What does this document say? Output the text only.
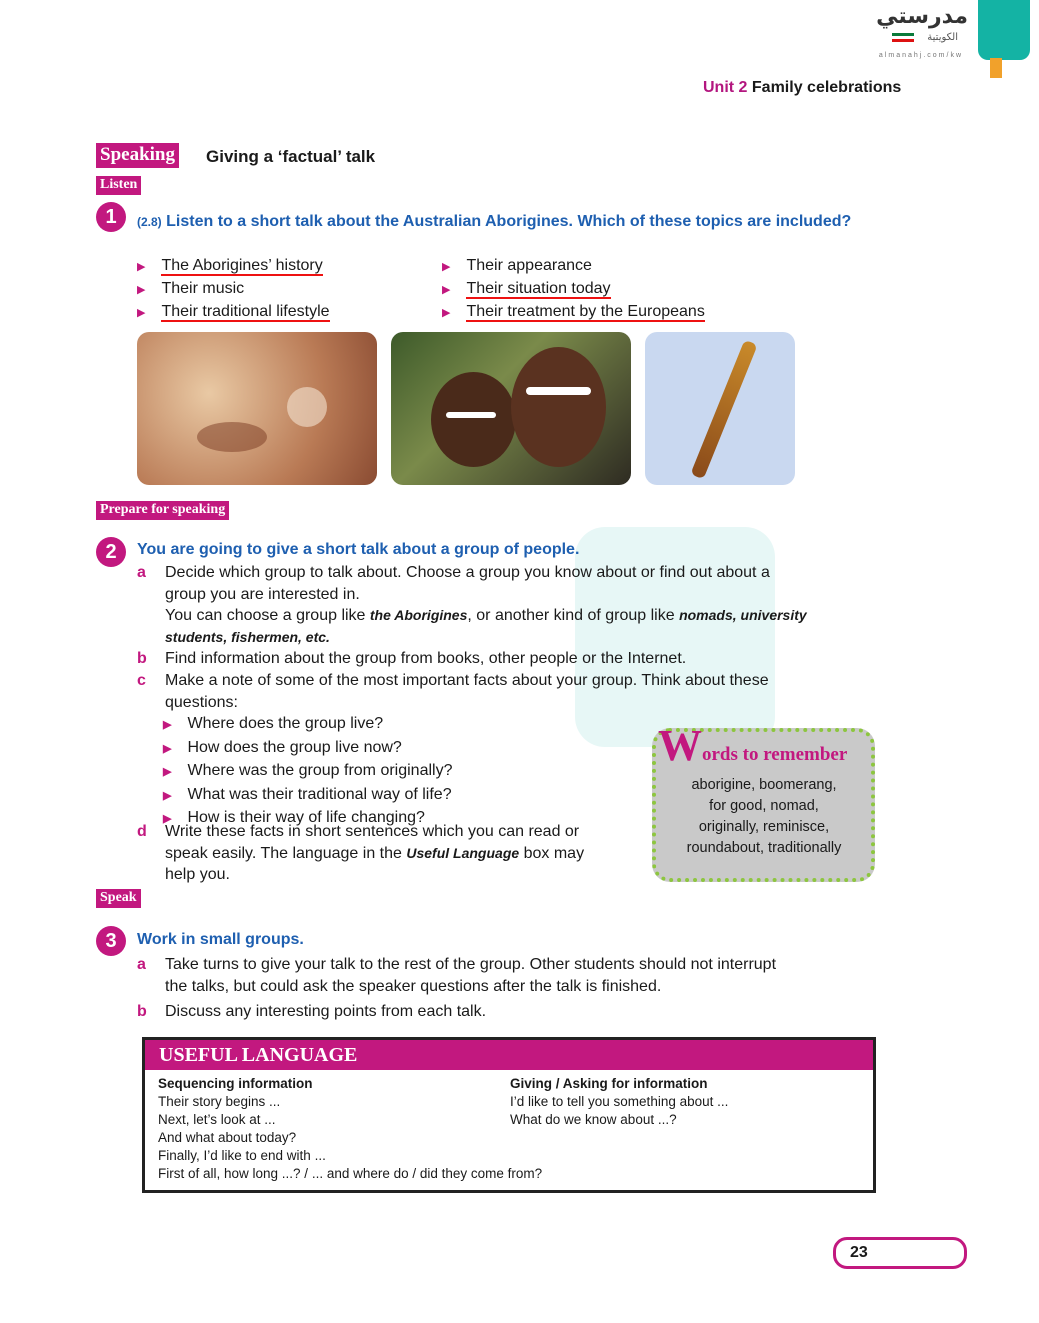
مدرستي
الكويتية
almanahj.com/kw
Unit 2 Family celebrations
Speaking Giving a ‘factual’ talk
Listen
1	(2.8) Listen to a short talk about the Australian Aborigines. Which of these topics are included?
▶ The Aborigines’ history
▶ Their music
▶ Their traditional lifestyle
▶ Their appearance
▶ Their situation today
▶ Their treatment by the Europeans
Prepare for speaking
2	You are going to give a short talk about a group of people.
a Decide which group to talk about. Choose a group you know about or find out about a
group you are interested in.
You can choose a group like the Aborigines, or another kind of group like nomads, university
students, fishermen, etc.
b Find information about the group from books, other people or the Internet.
c Make a note of some of the most important facts about your group. Think about these
questions:
▶ Where does the group live?
▶ How does the group live now?
▶ Where was the group from originally?
▶ What was their traditional way of life?
▶ How is their way of life changing?
d Write these facts in short sentences which you can read or
speak easily. The language in the Useful Language box may
help you.
Words to remember
aborigine, boomerang,
for good, nomad,
originally, reminisce,
roundabout, traditionally
Speak
3	Work in small groups.
a Take turns to give your talk to the rest of the group. Other students should not interrupt
the talks, but could ask the speaker questions after the talk is finished.
b Discuss any interesting points from each talk.
USEFUL LANGUAGE
Sequencing information
Their story begins ...
Next, let’s look at ...
And what about today?
Finally, I’d like to end with ...
First of all, how long ...? / ... and where do / did they come from?
Giving / Asking for information
I’d like to tell you something about ...
What do we know about ...?
23
